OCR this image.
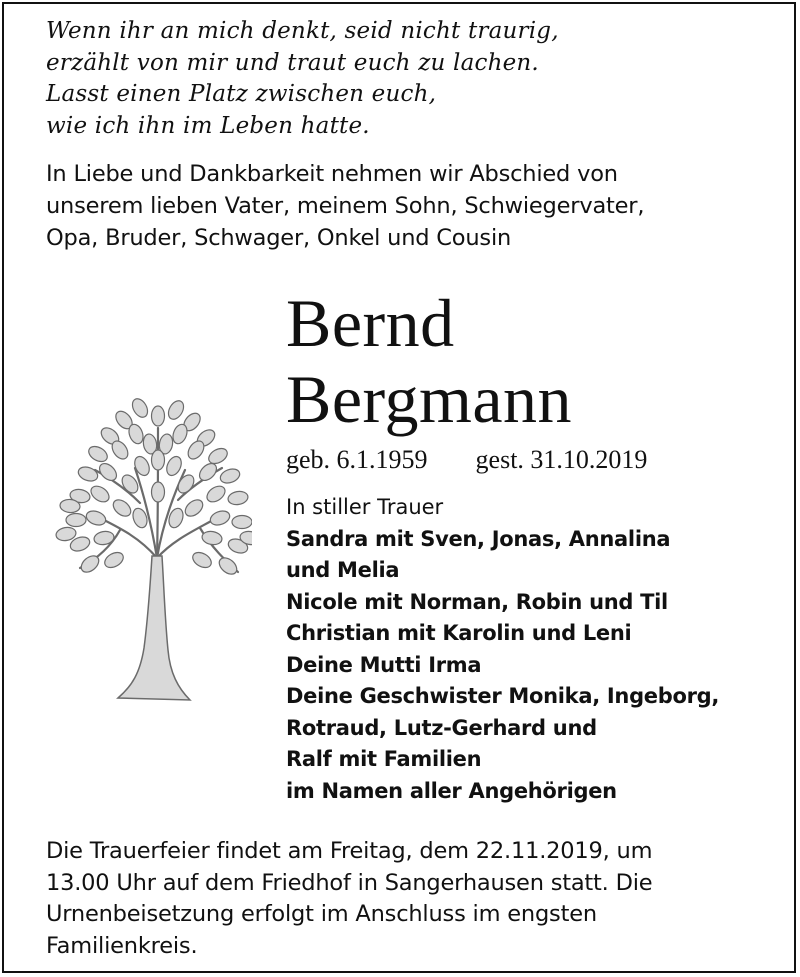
Wenn ihr an mich denkt, seid nicht traurig,
erzählt von mir und traut euch zu lachen.
Lasst einen Platz zwischen euch,
wie ich ihn im Leben hatte.
In Liebe und Dankbarkeit nehmen wir Abschied von
unserem lieben Vater, meinem Sohn, Schwiegervater,
Opa, Bruder, Schwager, Onkel und Cousin
Bernd
Bergmann
geb. 6.1.1959 gest. 31.10.2019
In stiller Trauer
Sandra mit Sven, Jonas, Annalina
und Melia
Nicole mit Norman, Robin und Til
Christian mit Karolin und Leni
Deine Mutti Irma
Deine Geschwister Monika, Ingeborg,
Rotraud, Lutz-Gerhard und
Ralf mit Familien
im Namen aller Angehörigen
Die Trauerfeier findet am Freitag, dem 22.11.2019, um
13.00 Uhr auf dem Friedhof in Sangerhausen statt. Die
Urnenbeisetzung erfolgt im Anschluss im engsten
Familienkreis.
